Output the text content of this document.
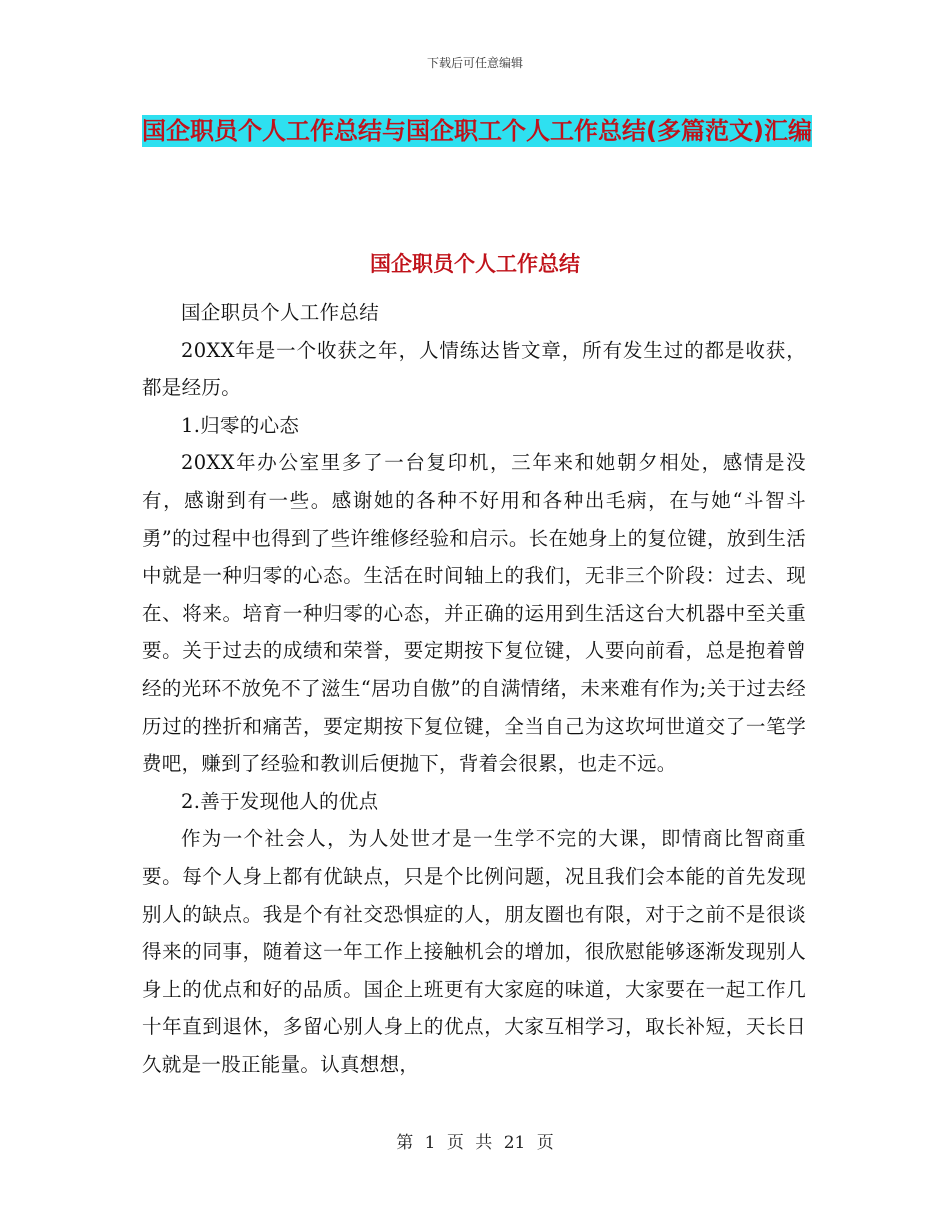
下载后可任意编辑
国企职员个人工作总结与国企职工个人工作总结(多篇范文)汇编
国企职员个人工作总结

国企职员个人工作总结

20XX年是一个收获之年，人情练达皆文章，所有发生过的都是收获，都是经历。

1.归零的心态

20XX年办公室里多了一台复印机，三年来和她朝夕相处，感情是没有，感谢到有一些。感谢她的各种不好用和各种出毛病，在与她“斗智斗勇”的过程中也得到了些许维修经验和启示。长在她身上的复位键，放到生活中就是一种归零的心态。生活在时间轴上的我们，无非三个阶段：过去、现在、将来。培育一种归零的心态，并正确的运用到生活这台大机器中至关重要。关于过去的成绩和荣誉，要定期按下复位键，人要向前看，总是抱着曾经的光环不放免不了滋生“居功自傲”的自满情绪，未来难有作为;关于过去经历过的挫折和痛苦，要定期按下复位键，全当自己为这坎坷世道交了一笔学费吧，赚到了经验和教训后便抛下，背着会很累，也走不远。

2.善于发现他人的优点

作为一个社会人，为人处世才是一生学不完的大课，即情商比智商重要。每个人身上都有优缺点，只是个比例问题，况且我们会本能的首先发现别人的缺点。我是个有社交恐惧症的人，朋友圈也有限，对于之前不是很谈得来的同事，随着这一年工作上接触机会的增加，很欣慰能够逐渐发现别人身上的优点和好的品质。国企上班更有大家庭的味道，大家要在一起工作几十年直到退休，多留心别人身上的优点，大家互相学习，取长补短，天长日久就是一股正能量。认真想想，

第 1 页 共 21 页
